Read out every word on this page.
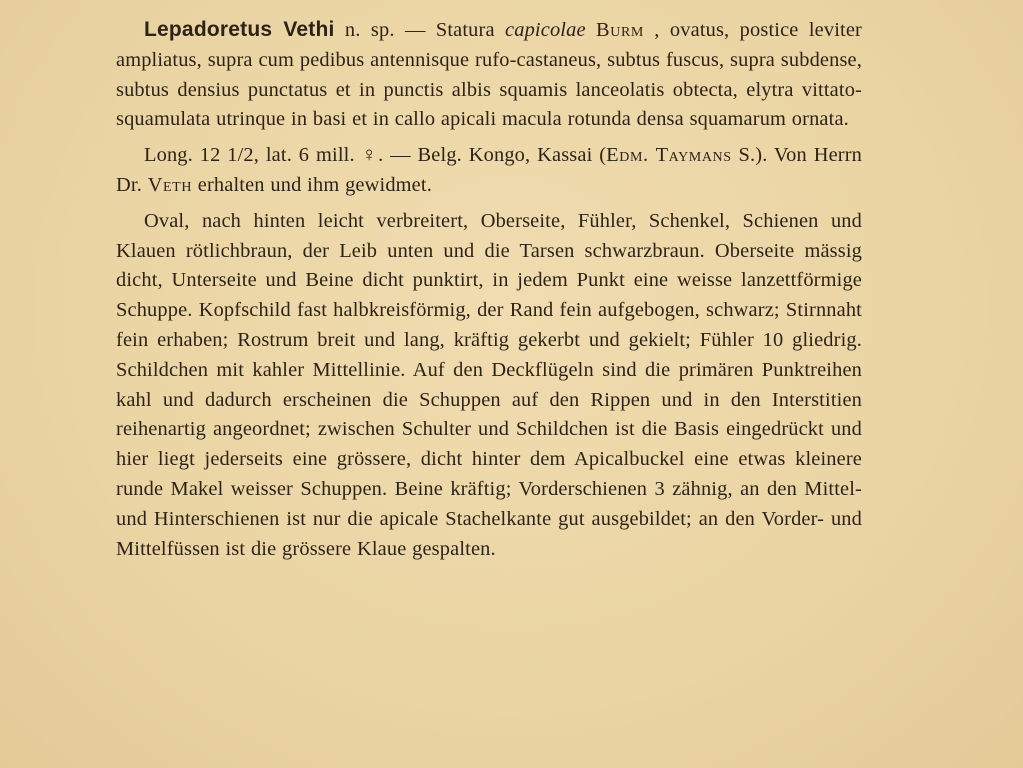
Lepadoretus Vethi n. sp. — Statura capicolae Burm , ovatus, postice leviter ampliatus, supra cum pedibus antennisque rufo-castaneus, subtus fuscus, supra subdense, subtus densius punctatus et in punctis albis squamis lanceolatis obtecta, elytra vittato-squamulata utrinque in basi et in callo apicali macula rotunda densa squamarum ornata.

Long. 12 1/2, lat. 6 mill. ♀. — Belg. Kongo, Kassai (Edm. Taymans S.). Von Herrn Dr. Veth erhalten und ihm gewidmet.

Oval, nach hinten leicht verbreitert, Oberseite, Fühler, Schenkel, Schienen und Klauen rötlichbraun, der Leib unten und die Tarsen schwarzbraun. Oberseite mässig dicht, Unterseite und Beine dicht punktirt, in jedem Punkt eine weisse lanzettförmige Schuppe. Kopfschild fast halbkreisförmig, der Rand fein aufgebogen, schwarz; Stirnnaht fein erhaben; Rostrum breit und lang, kräftig gekerbt und gekielt; Fühler 10 gliedrig. Schildchen mit kahler Mittellinie. Auf den Deckflügeln sind die primären Punktreihen kahl und dadurch erscheinen die Schuppen auf den Rippen und in den Interstitien reihenartig angeordnet; zwischen Schulter und Schildchen ist die Basis eingedrückt und hier liegt jederseits eine grössere, dicht hinter dem Apicalbuckel eine etwas kleinere runde Makel weisser Schuppen. Beine kräftig; Vorderschienen 3 zähnig, an den Mittel- und Hinterschienen ist nur die apicale Stachelkante gut ausgebildet; an den Vorder- und Mittelfüssen ist die grössere Klaue gespalten.
